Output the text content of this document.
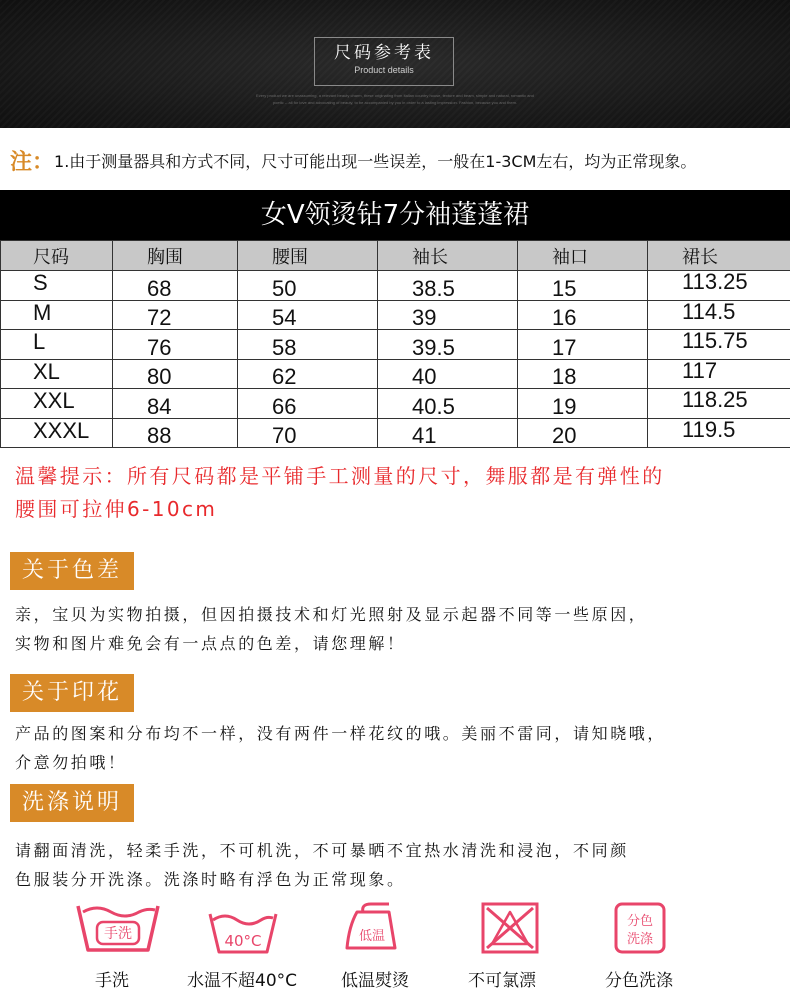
尺码参考表
Product details
Every product we are unassuming, a relevant beauty charm, these originating from Italian country house, texture and beam, simple and natural, romantic and
poetic -- all for love and advocating of beauty, to be accompanied by you in order to a lasting impression. Fashion, because you and them.
注：1.由于测量器具和方式不同，尺寸可能出现一些误差，一般在1-3CM左右，均为正常现象。
女V领烫钻7分袖蓬蓬裙
尺码	胸围	腰围	袖长	袖口	裙长
S	68	50	38.5	15	113.25
M	72	54	39	16	114.5
L	76	58	39.5	17	115.75
XL	80	62	40	18	117
XXL	84	66	40.5	19	118.25
XXXL	88	70	41	20	119.5
温馨提示：所有尺码都是平铺手工测量的尺寸，舞服都是有弹性的
腰围可拉伸6-10cm
关于色差
亲，宝贝为实物拍摄，但因拍摄技术和灯光照射及显示起器不同等一些原因，
实物和图片难免会有一点点的色差，请您理解！
关于印花
产品的图案和分布均不一样，没有两件一样花纹的哦。美丽不雷同，请知晓哦，
介意勿拍哦！
洗涤说明
请翻面清洗，轻柔手洗，不可机洗，不可暴晒不宜热水清洗和浸泡，不同颜
色服装分开洗涤。洗涤时略有浮色为正常现象。
手洗	40°C	低温
分色
洗涤
手洗	水温不超40°C	低温熨烫	不可氯漂	分色洗涤
